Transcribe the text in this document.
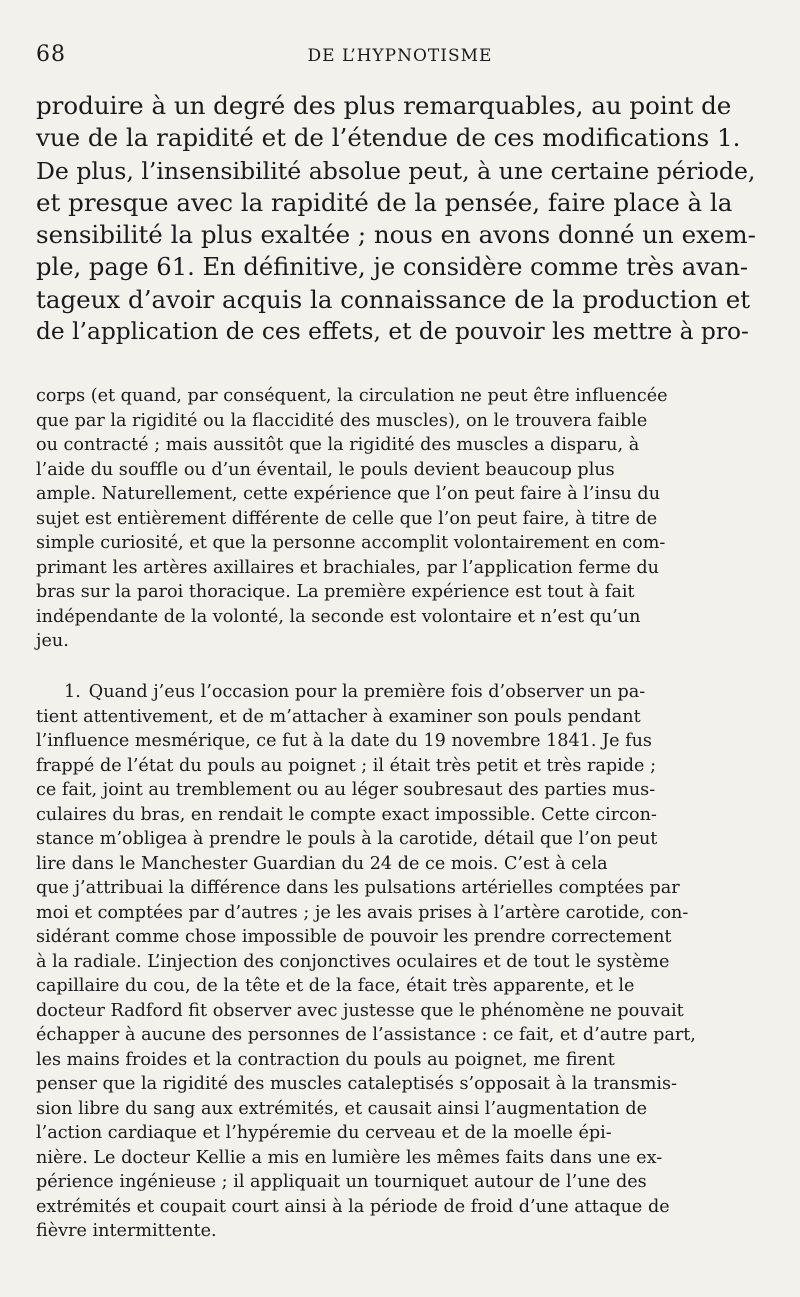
68	DE L’HYPNOTISME
produire à un degré des plus remarquables, au point de
vue de la rapidité et de l’étendue de ces modifications 1.
De plus, l’insensibilité absolue peut, à une certaine période,
et presque avec la rapidité de la pensée, faire place à la
sensibilité la plus exaltée ; nous en avons donné un exem-
ple, page 61. En définitive, je considère comme très avan-
tageux d’avoir acquis la connaissance de la production et
de l’application de ces effets, et de pouvoir les mettre à pro-
corps (et quand, par conséquent, la circulation ne peut être influencée
que par la rigidité ou la flaccidité des muscles), on le trouvera faible
ou contracté ; mais aussitôt que la rigidité des muscles a disparu, à
l’aide du souffle ou d’un éventail, le pouls devient beaucoup plus
ample. Naturellement, cette expérience que l’on peut faire à l’insu du
sujet est entièrement différente de celle que l’on peut faire, à titre de
simple curiosité, et que la personne accomplit volontairement en com-
primant les artères axillaires et brachiales, par l’application ferme du
bras sur la paroi thoracique. La première expérience est tout à fait
indépendante de la volonté, la seconde est volontaire et n’est qu’un
jeu.
1. Quand j’eus l’occasion pour la première fois d’observer un pa-
tient attentivement, et de m’attacher à examiner son pouls pendant
l’influence mesmérique, ce fut à la date du 19 novembre 1841. Je fus
frappé de l’état du pouls au poignet ; il était très petit et très rapide ;
ce fait, joint au tremblement ou au léger soubresaut des parties mus-
culaires du bras, en rendait le compte exact impossible. Cette circon-
stance m’obligea à prendre le pouls à la carotide, détail que l’on peut
lire dans le Manchester Guardian du 24 de ce mois. C’est à cela
que j’attribuai la différence dans les pulsations artérielles comptées par
moi et comptées par d’autres ; je les avais prises à l’artère carotide, con-
sidérant comme chose impossible de pouvoir les prendre correctement
à la radiale. L’injection des conjonctives oculaires et de tout le système
capillaire du cou, de la tête et de la face, était très apparente, et le
docteur Radford fit observer avec justesse que le phénomène ne pouvait
échapper à aucune des personnes de l’assistance : ce fait, et d’autre part,
les mains froides et la contraction du pouls au poignet, me firent
penser que la rigidité des muscles cataleptisés s’opposait à la transmis-
sion libre du sang aux extrémités, et causait ainsi l’augmentation de
l’action cardiaque et l’hypéremie du cerveau et de la moelle épi-
nière. Le docteur Kellie a mis en lumière les mêmes faits dans une ex-
périence ingénieuse ; il appliquait un tourniquet autour de l’une des
extrémités et coupait court ainsi à la période de froid d’une attaque de
fièvre intermittente.
